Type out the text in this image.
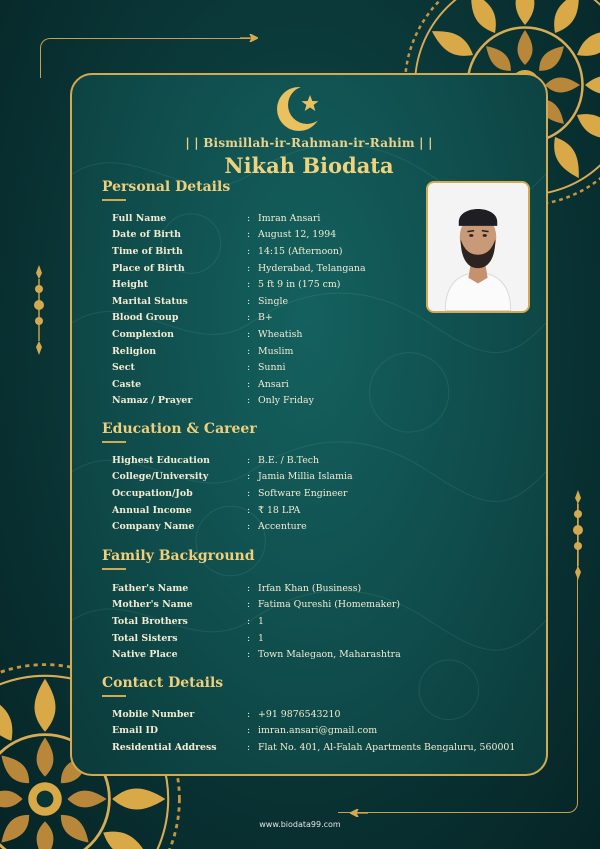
| | Bismillah-ir-Rahman-ir-Rahim | |
Nikah Biodata
Personal Details
Full Name	: Imran Ansari
Date of Birth	: August 12, 1994
Time of Birth	: 14:15 (Afternoon)
Place of Birth	: Hyderabad, Telangana
Height	: 5 ft 9 in (175 cm)
Marital Status	: Single
Blood Group	: B+
Complexion	: Wheatish
Religion	: Muslim
Sect	: Sunni
Caste	: Ansari
Namaz / Prayer	: Only Friday
Education & Career
Highest Education	: B.E. / B.Tech
College/University	: Jamia Millia Islamia
Occupation/Job	: Software Engineer
Annual Income	: ₹ 18 LPA
Company Name	: Accenture
Family Background
Father's Name	: Irfan Khan (Business)
Mother's Name	: Fatima Qureshi (Homemaker)
Total Brothers	: 1
Total Sisters	: 1
Native Place	: Town Malegaon, Maharashtra
Contact Details
Mobile Number	: +91 9876543210
Email ID	: imran.ansari@gmail.com
Residential Address	: Flat No. 401, Al-Falah Apartments Bengaluru, 560001
www.biodata99.com
